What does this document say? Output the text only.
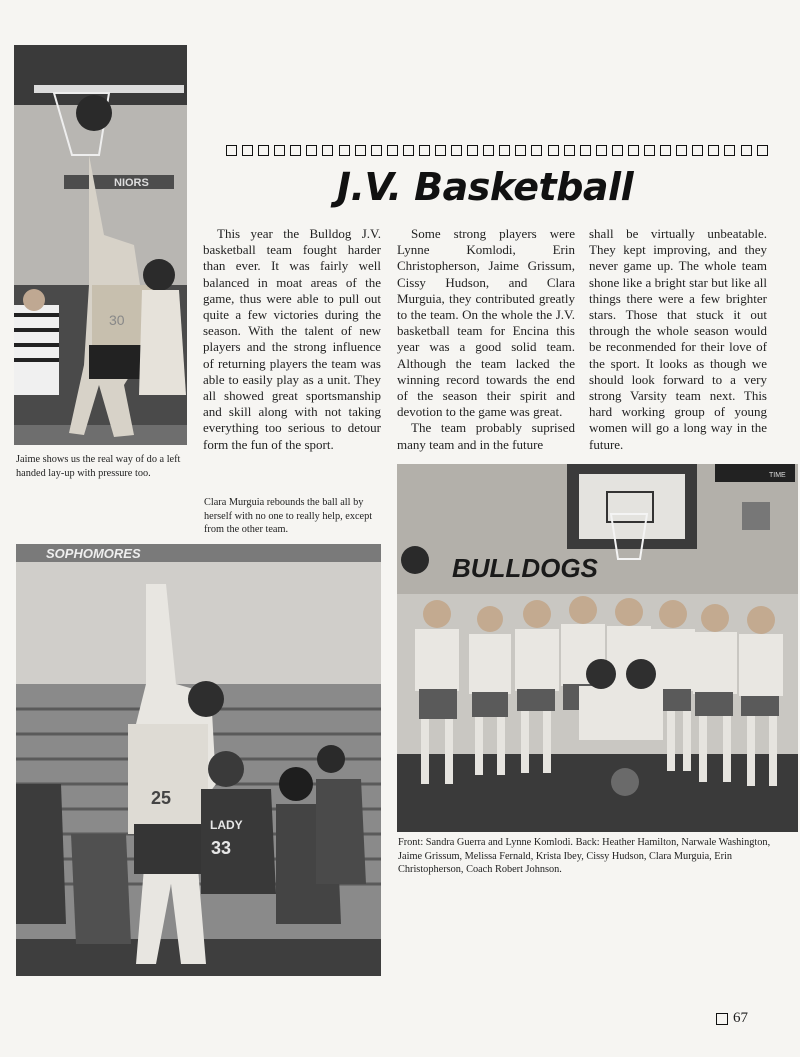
NIORS
30
Jaime shows us the real way of do a left handed lay-up with pressure too.
J.V. Basketball

This year the Bulldog J.V. basketball team fought harder than ever. It was fairly well balanced in moat areas of the game, thus were able to pull out quite a few victories during the season. With the talent of new players and the strong influence of returning players the team was able to easily play as a unit. They all showed great sportsmanship and skill along with not taking everything too serious to detour form the fun of the sport.

Some strong players were Lynne Komlodi, Erin Christopherson, Jaime Grissum, Cissy Hudson, and Clara Murguia, they contributed greatly to the team. On the whole the J.V. basketball team for Encina this year was a good solid team. Although the team lacked the winning record towards the end of the season their spirit and devotion to the game was great.

The team probably suprised many team and in the future

shall be virtually unbeatable. They kept improving, and they never game up. The whole team shone like a bright star but like all things there were a few brighter stars. Those that stuck it out through the whole season would be reconmended for their love of the sport. It looks as though we should look forward to a very strong Varsity team next. This hard working group of young women will go a long way in the future.

Clara Murguia rebounds the ball all by herself with no one to really help, except from the other team.
SOPHOMORES
25
LADY
33
TIME
BULLDOGS
Front: Sandra Guerra and Lynne Komlodi. Back: Heather Hamilton, Narwale Washington, Jaime Grissum, Melissa Fernald, Krista Ibey, Cissy Hudson, Clara Murguia, Erin Christopherson, Coach Robert Johnson.
67
